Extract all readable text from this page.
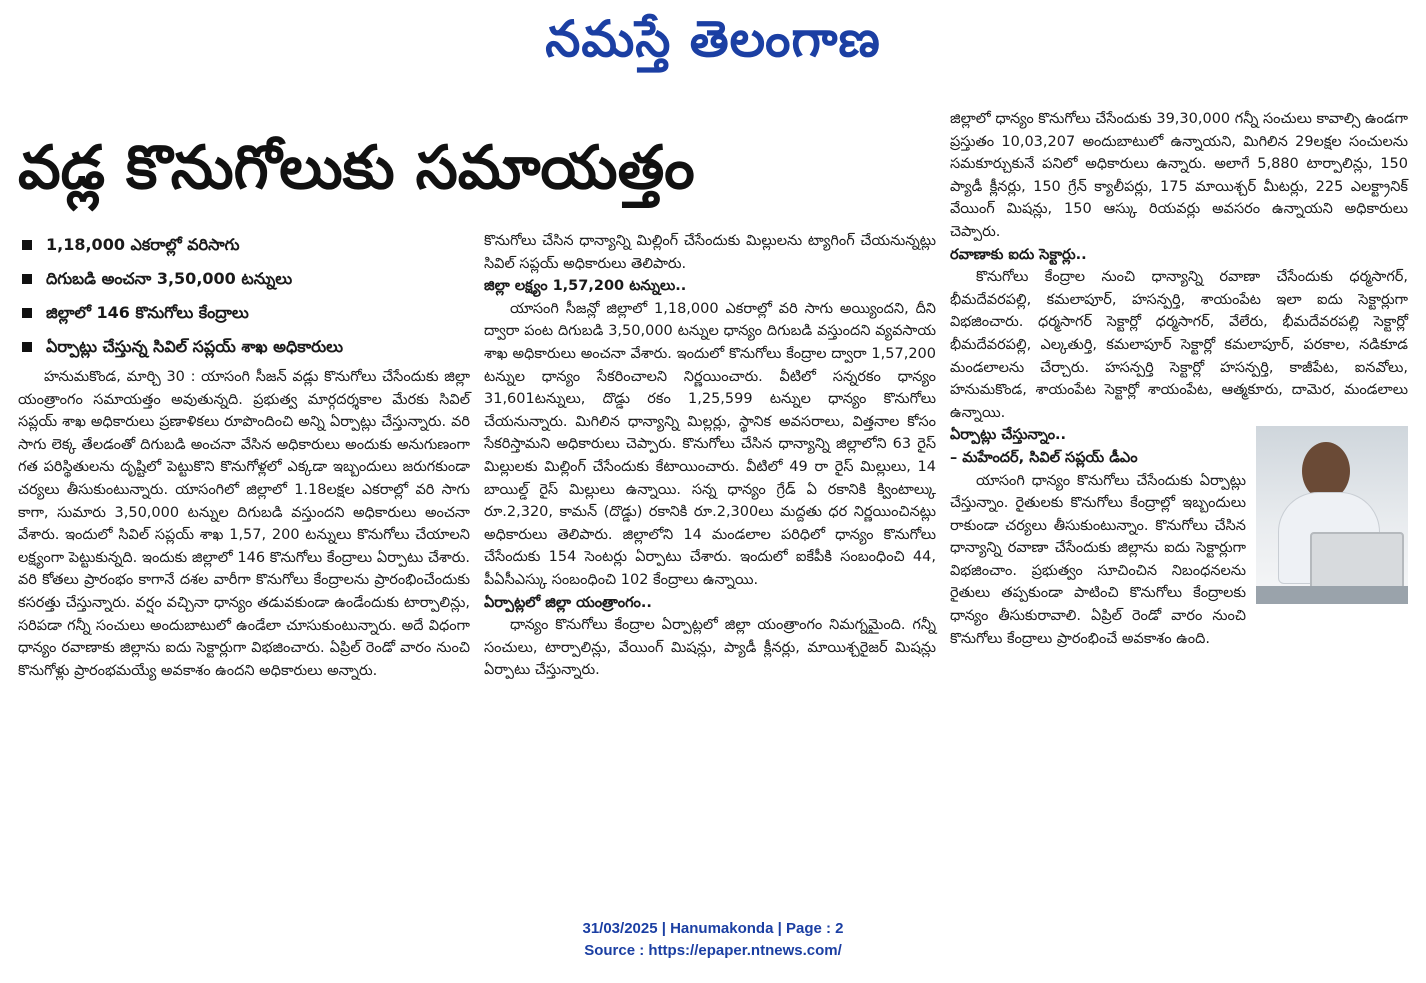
నమస్తే తెలంగాణ
వడ్ల కొనుగోలుకు సమాయత్తం
1,18,000 ఎకరాల్లో వరిసాగు
దిగుబడి అంచనా 3,50,000 టన్నులు
జిల్లాలో 146 కొనుగోలు కేంద్రాలు
ఏర్పాట్లు చేస్తున్న సివిల్ సప్లయ్ శాఖ అధికారులు

హనుమకొండ, మార్చి 30 : యాసంగి సీజన్ వడ్లు కొనుగోలు చేసేందుకు జిల్లా యంత్రాంగం సమాయత్తం అవుతున్నది. ప్రభుత్వ మార్గదర్శకాల మేరకు సివిల్ సప్లయ్ శాఖ అధికారులు ప్రణాళికలు రూపొందించి అన్ని ఏర్పాట్లు చేస్తున్నారు. వరి సాగు లెక్క తేలడంతో దిగుబడి అంచనా వేసిన అధికారులు అందుకు అనుగుణంగా గత పరిస్థితులను దృష్టిలో పెట్టుకొని కొనుగోళ్లలో ఎక్కడా ఇబ్బందులు జరుగకుండా చర్యలు తీసుకుంటున్నారు. యాసంగిలో జిల్లాలో 1.18లక్షల ఎకరాల్లో వరి సాగు కాగా, సుమారు 3,50,000 టన్నుల దిగుబడి వస్తుందని అధికారులు అంచనా వేశారు. ఇందులో సివిల్ సప్లయ్ శాఖ 1,57, 200 టన్నులు కొనుగోలు చేయాలని లక్ష్యంగా పెట్టుకున్నది. ఇందుకు జిల్లాలో 146 కొనుగోలు కేంద్రాలు ఏర్పాటు చేశారు. వరి కోతలు ప్రారంభం కాగానే దశల వారీగా కొనుగోలు కేంద్రాలను ప్రారంభించేందుకు కసరత్తు చేస్తున్నారు. వర్షం వచ్చినా ధాన్యం తడువకుండా ఉండేందుకు టార్పాలిన్లు, సరిపడా గన్నీ సంచులు అందుబాటులో ఉండేలా చూసుకుంటున్నారు. అదే విధంగా ధాన్యం రవాణాకు జిల్లాను ఐదు సెక్టార్లుగా విభజించారు. ఏప్రిల్ రెండో వారం నుంచి కొనుగోళ్లు ప్రారంభమయ్యే అవకాశం ఉందని అధికారులు అన్నారు.

కొనుగోలు చేసిన ధాన్యాన్ని మిల్లింగ్ చేసేందుకు మిల్లులను ట్యాగింగ్ చేయనున్నట్లు సివిల్ సప్లయ్ అధికారులు తెలిపారు.

జిల్లా లక్ష్యం 1,57,200 టన్నులు..

యాసంగి సీజన్లో జిల్లాలో 1,18,000 ఎకరాల్లో వరి సాగు అయ్యిందని, దీని ద్వారా పంట దిగుబడి 3,50,000 టన్నుల ధాన్యం దిగుబడి వస్తుందని వ్యవసాయ శాఖ అధికారులు అంచనా వేశారు. ఇందులో కొనుగోలు కేంద్రాల ద్వారా 1,57,200 టన్నుల ధాన్యం సేకరించాలని నిర్ణయించారు. వీటిలో సన్నరకం ధాన్యం 31,601టన్నులు, దొడ్డు రకం 1,25,599 టన్నుల ధాన్యం కొనుగోలు చేయనున్నారు. మిగిలిన ధాన్యాన్ని మిల్లర్లు, స్థానిక అవసరాలు, విత్తనాల కోసం సేకరిస్తామని అధికారులు చెప్పారు. కొనుగోలు చేసిన ధాన్యాన్ని జిల్లాలోని 63 రైస్ మిల్లులకు మిల్లింగ్ చేసేందుకు కేటాయించారు. వీటిలో 49 రా రైస్ మిల్లులు, 14 బాయిల్డ్ రైస్ మిల్లులు ఉన్నాయి. సన్న ధాన్యం గ్రేడ్ ఏ రకానికి క్వింటాల్కు రూ.2,320, కామన్ (దొడ్డు) రకానికి రూ.2,300లు మద్దతు ధర నిర్ణయించినట్లు అధికారులు తెలిపారు. జిల్లాలోని 14 మండలాల పరిధిలో ధాన్యం కొనుగోలు చేసేందుకు 154 సెంటర్లు ఏర్పాటు చేశారు. ఇందులో ఐకేపీకి సంబంధించి 44, పీఏసీఎస్కు సంబంధించి 102 కేంద్రాలు ఉన్నాయి.

ఏర్పాట్లలో జిల్లా యంత్రాంగం..

ధాన్యం కొనుగోలు కేంద్రాల ఏర్పాట్లలో జిల్లా యంత్రాంగం నిమగ్నమైంది. గన్నీ సంచులు, టార్పాలిన్లు, వేయింగ్ మిషన్లు, ప్యాడీ క్లీనర్లు, మాయిశ్చరైజర్ మిషన్లు ఏర్పాటు చేస్తున్నారు.

జిల్లాలో ధాన్యం కొనుగోలు చేసేందుకు 39,30,000 గన్నీ సంచులు కావాల్సి ఉండగా ప్రస్తుతం 10,03,207 అందుబాటులో ఉన్నాయని, మిగిలిన 29లక్షల సంచులను సమకూర్చుకునే పనిలో అధికారులు ఉన్నారు. అలాగే 5,880 టార్పాలిన్లు, 150 ప్యాడీ క్లీనర్లు, 150 గ్రేన్ క్యాలీపర్లు, 175 మాయిశ్చర్ మీటర్లు, 225 ఎలక్ట్రానిక్ వేయింగ్ మిషన్లు, 150 ఆస్కు రియవర్లు అవసరం ఉన్నాయని అధికారులు చెప్పారు.

రవాణాకు ఐదు సెక్టార్లు..

కొనుగోలు కేంద్రాల నుంచి ధాన్యాన్ని రవాణా చేసేందుకు ధర్మసాగర్, భీమదేవరపల్లి, కమలాపూర్, హసన్పర్తి, శాయంపేట ఇలా ఐదు సెక్టార్లుగా విభజించారు. ధర్మసాగర్ సెక్టార్లో ధర్మసాగర్, వేలేరు, భీమదేవరపల్లి సెక్టార్లో భీమదేవరపల్లి, ఎల్కతుర్తి, కమలాపూర్ సెక్టార్లో కమలాపూర్, పరకాల, నడికూడ మండలాలను చేర్చారు. హసన్పర్తి సెక్టార్లో హసన్పర్తి, కాజీపేట, ఐనవోలు, హనుమకొండ, శాయంపేట సెక్టార్లో శాయంపేట, ఆత్మకూరు, దామెర, మండలాలు ఉన్నాయి.

ఏర్పాట్లు చేస్తున్నాం..

– మహేందర్, సివిల్ సప్లయ్ డీఎం

యాసంగి ధాన్యం కొనుగోలు చేసేందుకు ఏర్పాట్లు చేస్తున్నాం. రైతులకు కొనుగోలు కేంద్రాల్లో ఇబ్బందులు రాకుండా చర్యలు తీసుకుంటున్నాం. కొనుగోలు చేసిన ధాన్యాన్ని రవాణా చేసేందుకు జిల్లాను ఐదు సెక్టార్లుగా విభజించాం. ప్రభుత్వం సూచించిన నిబంధనలను రైతులు తప్పకుండా పాటించి కొనుగోలు కేంద్రాలకు ధాన్యం తీసుకురావాలి. ఏప్రిల్ రెండో వారం నుంచి కొనుగోలు కేంద్రాలు ప్రారంభించే అవకాశం ఉంది.

31/03/2025 | Hanumakonda | Page : 2
Source : https://epaper.ntnews.com/
